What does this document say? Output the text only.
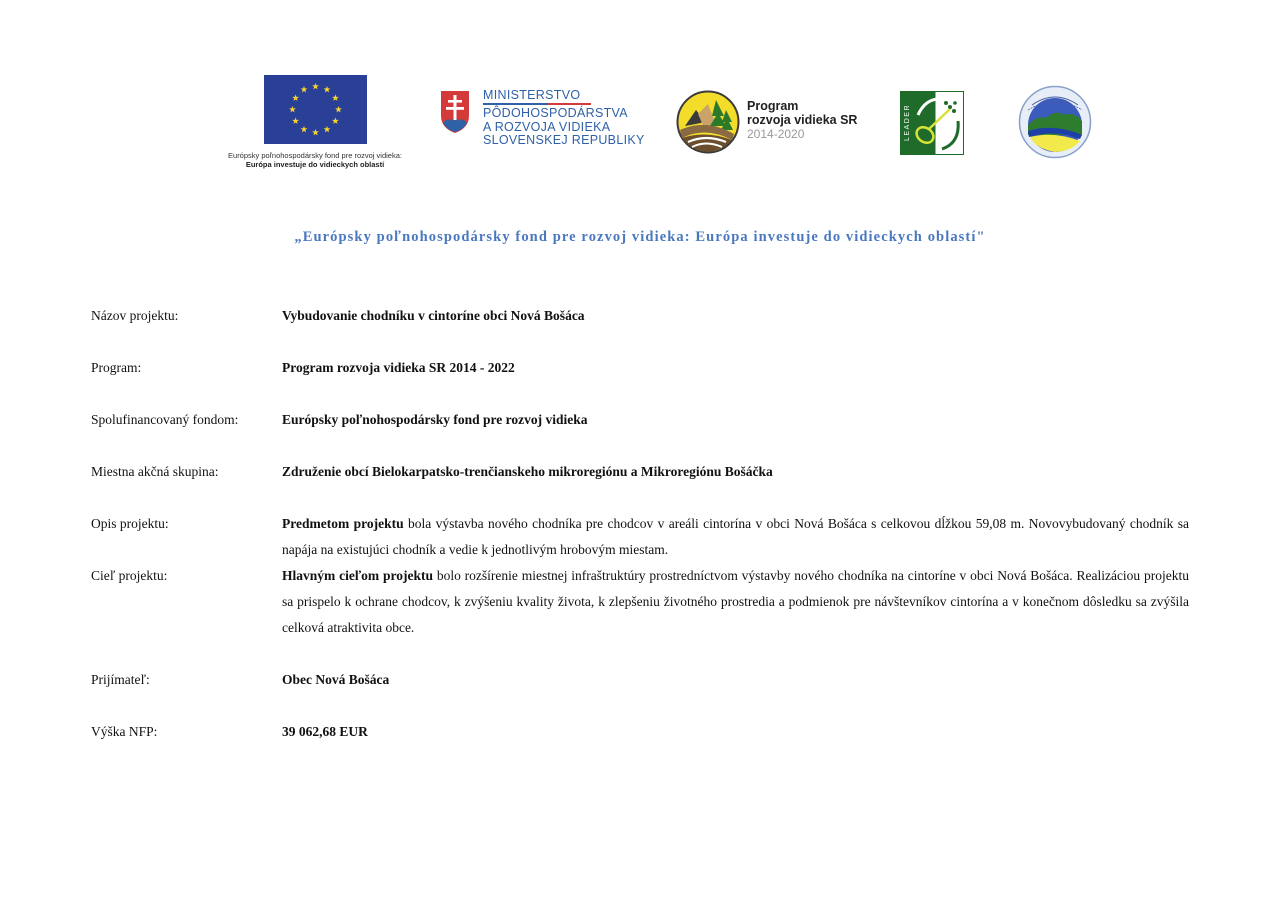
Európsky poľnohospodársky fond pre rozvoj vidieka:
Európa investuje do vidieckych oblastí
MINISTERSTVO
PÔDOHOSPODÁRSTVA
A ROZVOJA VIDIEKA
SLOVENSKEJ REPUBLIKY
Program
rozvoja vidieka SR
2014-2020	LEADER
„Európsky poľnohospodársky fond pre rozvoj vidieka: Európa investuje do vidieckych oblastí"
Názov projektu:	Vybudovanie chodníku v cintoríne obci Nová Bošáca
Program:	Program rozvoja vidieka SR 2014 - 2022
Spolufinancovaný fondom:	Európsky poľnohospodársky fond pre rozvoj vidieka
Miestna akčná skupina:	Združenie obcí Bielokarpatsko-trenčianskeho mikroregiónu a Mikroregiónu Bošáčka
Opis projektu:	Predmetom projektu bola výstavba nového chodníka pre chodcov v areáli cintorína v obci Nová Bošáca s celkovou dĺžkou 59,08 m. Novovybudovaný chodník sa napája na existujúci chodník a vedie k jednotlivým hrobovým miestam.
Cieľ projektu:	Hlavným cieľom projektu bolo rozšírenie miestnej infraštruktúry prostredníctvom výstavby nového chodníka na cintoríne v obci Nová Bošáca. Realizáciou projektu sa prispelo k ochrane chodcov, k zvýšeniu kvality života, k zlepšeniu životného prostredia a podmienok pre návštevníkov cintorína a v konečnom dôsledku sa zvýšila celková atraktivita obce.
Prijímateľ:	Obec Nová Bošáca
Výška NFP:	39 062,68 EUR
